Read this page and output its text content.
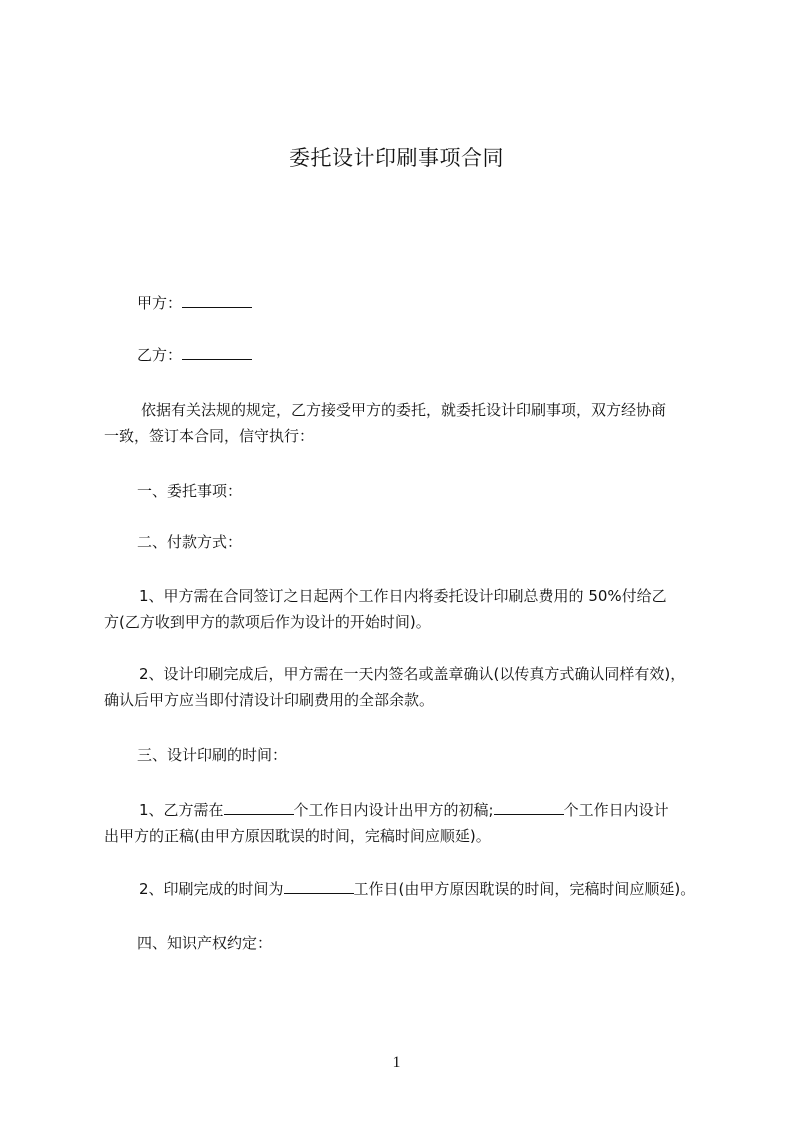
委托设计印刷事项合同
甲方：
乙方：
依据有关法规的规定，乙方接受甲方的委托，就委托设计印刷事项，双方经协商
一致，签订本合同，信守执行：
一、委托事项：
二、付款方式：
1、甲方需在合同签订之日起两个工作日内将委托设计印刷总费用的 50%付给乙
方(乙方收到甲方的款项后作为设计的开始时间)。
2、设计印刷完成后，甲方需在一天内签名或盖章确认(以传真方式确认同样有效)，
确认后甲方应当即付清设计印刷费用的全部余款。
三、设计印刷的时间：
1、乙方需在	个工作日内设计出甲方的初稿;	个工作日内设计
出甲方的正稿(由甲方原因耽误的时间，完稿时间应顺延)。
2、印刷完成的时间为	工作日(由甲方原因耽误的时间，完稿时间应顺延)。
四、知识产权约定：
1
